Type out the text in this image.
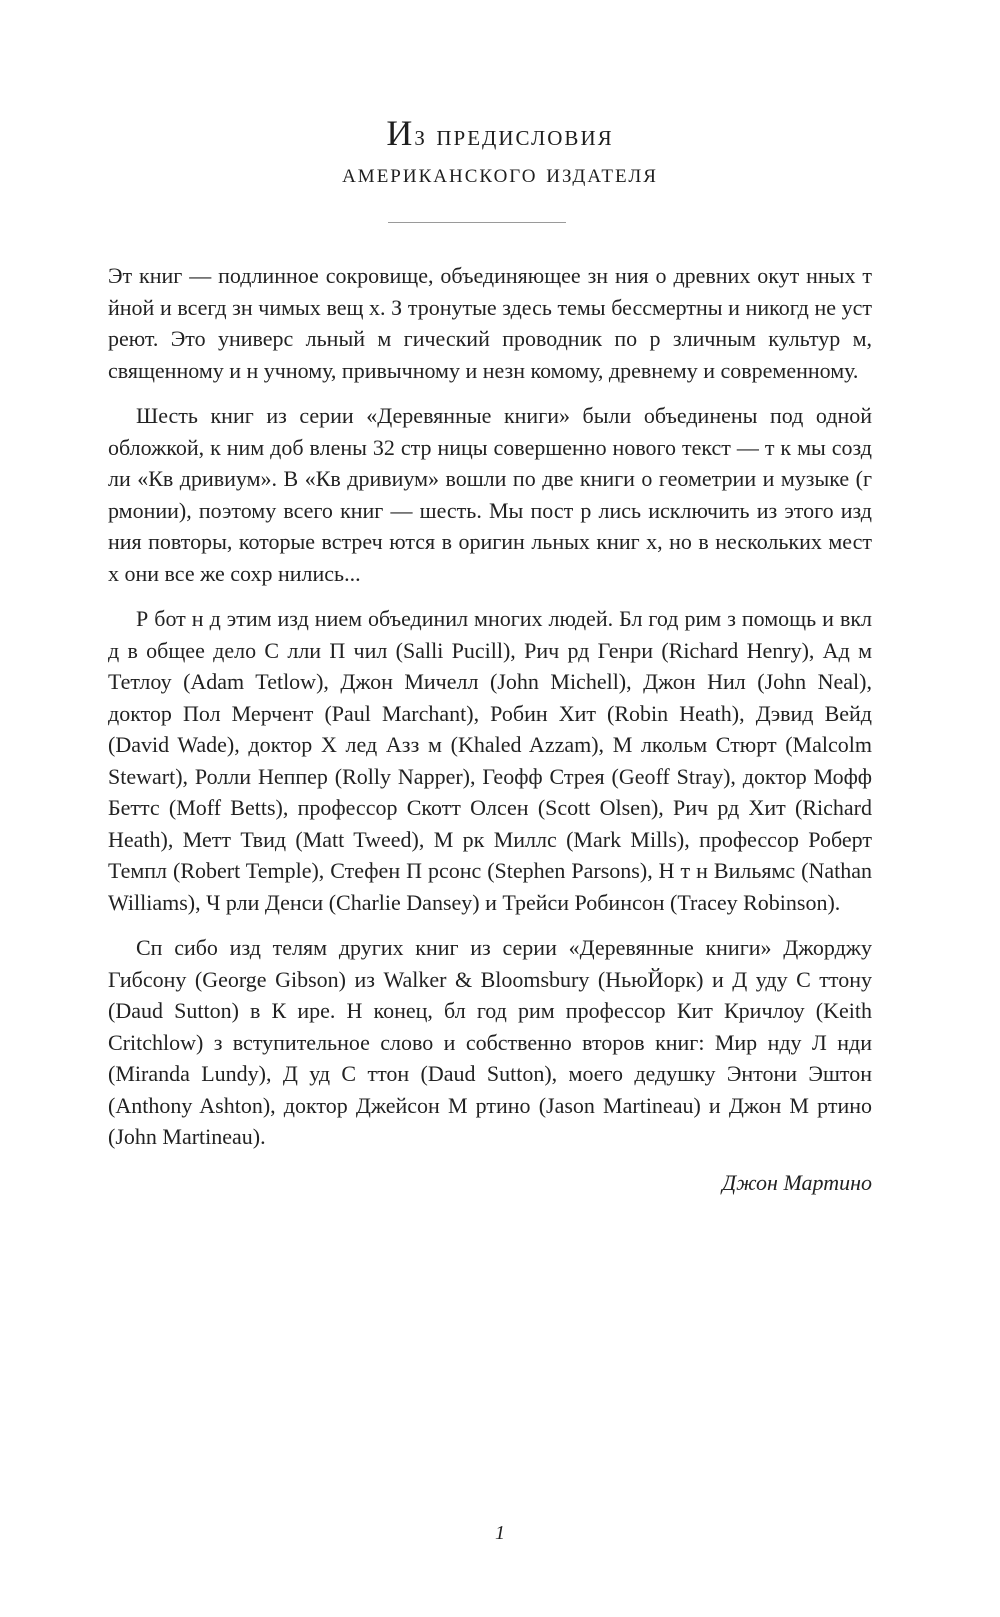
Из предисловия
американского издателя

Эт книг — подлинное сокровище, объединяющее зн ния о древних окут нных т йной и всегд зн чимых вещ х. З тронутые здесь темы бессмертны и никогд не уст реют. Это универс льный м гический проводник по р зличным культур м, священному и н учному, привычному и незн комому, древнему и современному.

Шесть книг из серии «Деревянные книги» были объединены под одной обложкой, к ним доб влены 32 стр ницы совершенно нового текст — т к мы созд ли «Кв дривиум». В «Кв дривиум» вошли по две книги о геометрии и музыке (г рмонии), поэтому всего книг — шесть. Мы пост р лись исключить из этого изд ния повторы, которые встреч ются в оригин льных книг х, но в нескольких мест х они все же сохр нились...

Р бот н д этим изд нием объединил многих людей. Бл год рим з помощь и вкл д в общее дело С лли П чил (Salli Pucill), Рич рд Генри (Richard Henry), Ад м Тетлоу (Adam Tetlow), Джон Мичелл (John Michell), Джон Нил (John Neal), доктор Пол Мерчент (Paul Marchant), Робин Хит (Robin Heath), Дэвид Вейд (David Wade), доктор Х лед Азз м (Khaled Azzam), М лкольм Стюрт (Malcolm Stewart), Ролли Неппер (Rolly Napper), Геофф Стрея (Geoff Stray), доктор Мофф Беттс (Moff Betts), профессор Скотт Олсен (Scott Olsen), Рич рд Хит (Richard Heath), Метт Твид (Matt Tweed), М рк Миллс (Mark Mills), профессор Роберт Темпл (Robert Temple), Стефен П рсонс (Stephen Parsons), Н т н Вильямс (Nathan Williams), Ч рли Денси (Charlie Dansey) и Трейси Робинсон (Tracey Robinson).

Сп сибо изд телям других книг из серии «Деревянные книги» Джорджу Гибсону (George Gibson) из Walker & Bloomsbury (НьюЙорк) и Д уду С ттону (Daud Sutton) в К ире. Н конец, бл год рим профессор Кит Кричлоу (Keith Critchlow) з вступительное слово и собственно второв книг: Мир нду Л нди (Miranda Lundy), Д уд С ттон (Daud Sutton), моего дедушку Энтони Эштон (Anthony Ashton), доктор Джейсон М ртино (Jason Martineau) и Джон М ртино (John Martineau).

Джон Мартино

1
